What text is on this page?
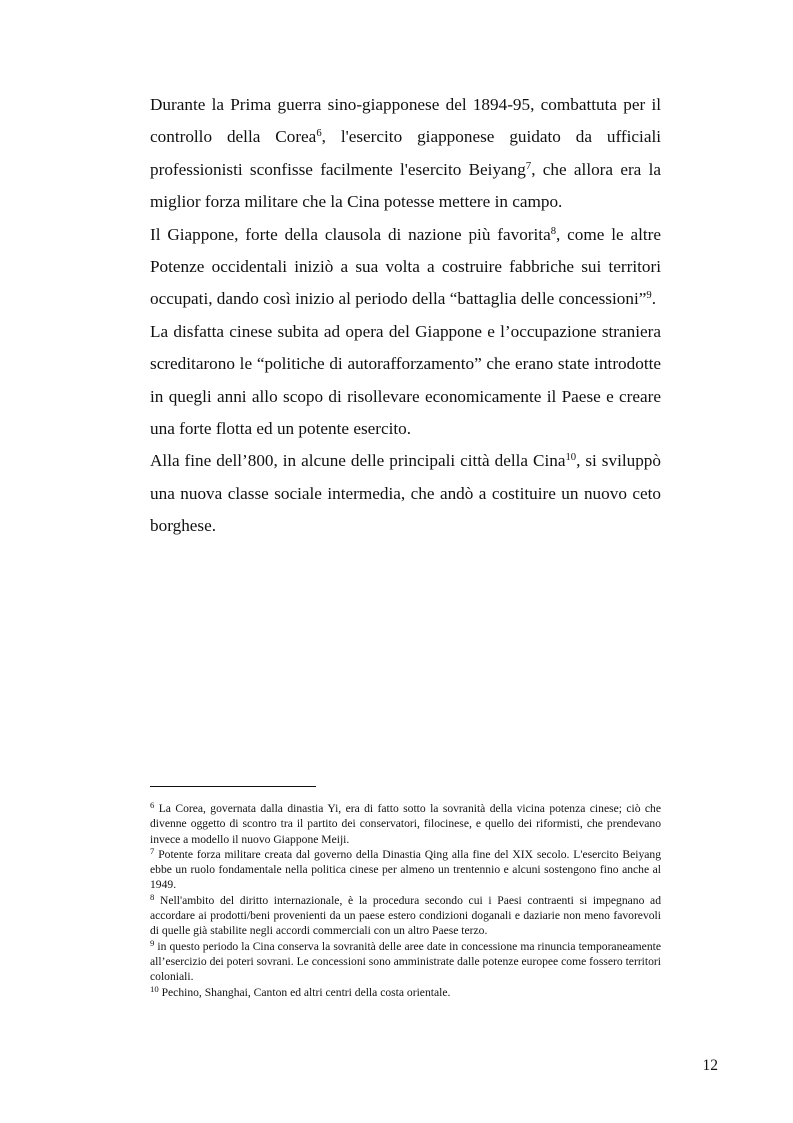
Durante la Prima guerra sino-giapponese del 1894-95, combattuta per il controllo della Corea$^6$, l'esercito giapponese guidato da ufficiali professionisti sconfisse facilmente l'esercito Beiyang$^7$, che allora era la miglior forza militare che la Cina potesse mettere in campo.

Il Giappone, forte della clausola di nazione più favorita$^8$, come le altre Potenze occidentali iniziò a sua volta a costruire fabbriche sui territori occupati, dando così inizio al periodo della “battaglia delle concessioni”$^9$.

La disfatta cinese subita ad opera del Giappone e l’occupazione straniera screditarono le “politiche di autorafforzamento” che erano state introdotte in quegli anni allo scopo di risollevare economicamente il Paese e creare una forte flotta ed un potente esercito.

Alla fine dell’800, in alcune delle principali città della Cina$^{10}$, si sviluppò una nuova classe sociale intermedia, che andò a costituire un nuovo ceto borghese.

$^6$ La Corea, governata dalla dinastia Yi, era di fatto sotto la sovranità della vicina potenza cinese; ciò che divenne oggetto di scontro tra il partito dei conservatori, filocinese, e quello dei riformisti, che prendevano invece a modello il nuovo Giappone Meiji.

$^7$ Potente forza militare creata dal governo della Dinastia Qing alla fine del XIX secolo. L'esercito Beiyang ebbe un ruolo fondamentale nella politica cinese per almeno un trentennio e alcuni sostengono fino anche al 1949.

$^8$ Nell'ambito del diritto internazionale, è la procedura secondo cui i Paesi contraenti si impegnano ad accordare ai prodotti/beni provenienti da un paese estero condizioni doganali e daziarie non meno favorevoli di quelle già stabilite negli accordi commerciali con un altro Paese terzo.

$^9$ in questo periodo la Cina conserva la sovranità delle aree date in concessione ma rinuncia temporaneamente all’esercizio dei poteri sovrani. Le concessioni sono amministrate dalle potenze europee come fossero territori coloniali.

$^{10}$ Pechino, Shanghai, Canton ed altri centri della costa orientale.

12
